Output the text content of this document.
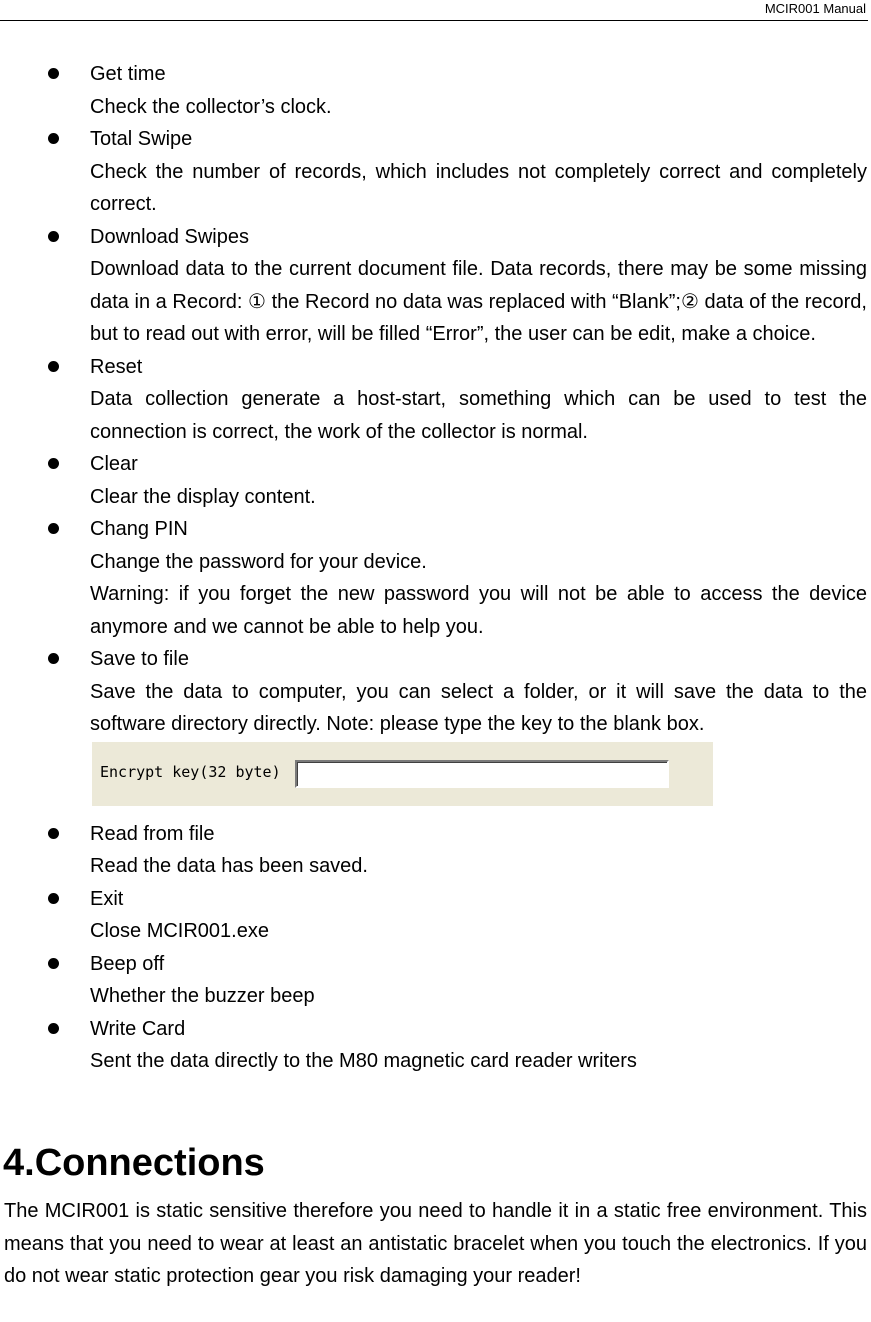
MCIR001 Manual
Get time
Check the collector’s clock.
Total Swipe
Check the number of records, which includes not completely correct and completely correct.
Download Swipes
Download data to the current document file. Data records, there may be some missing data in a Record: ① the Record no data was replaced with “Blank”;② data of the record, but to read out with error, will be filled “Error”, the user can be edit, make a choice.
Reset
Data collection generate a host-start, something which can be used to test the connection is correct, the work of the collector is normal.
Clear
Clear the display content.
Chang PIN
Change the password for your device.
Warning: if you forget the new password you will not be able to access the device anymore and we cannot be able to help you.
Save to file
Save the data to computer, you can select a folder, or it will save the data to the software directory directly. Note: please type the key to the blank box.
Encrypt key(32 byte)
Read from file
Read the data has been saved.
Exit
Close MCIR001.exe
Beep off
Whether the buzzer beep
Write Card
Sent the data directly to the M80 magnetic card reader writers
4.Connections

The MCIR001 is static sensitive therefore you need to handle it in a static free environment. This means that you need to wear at least an antistatic bracelet when you touch the electronics. If you do not wear static protection gear you risk damaging your reader!
